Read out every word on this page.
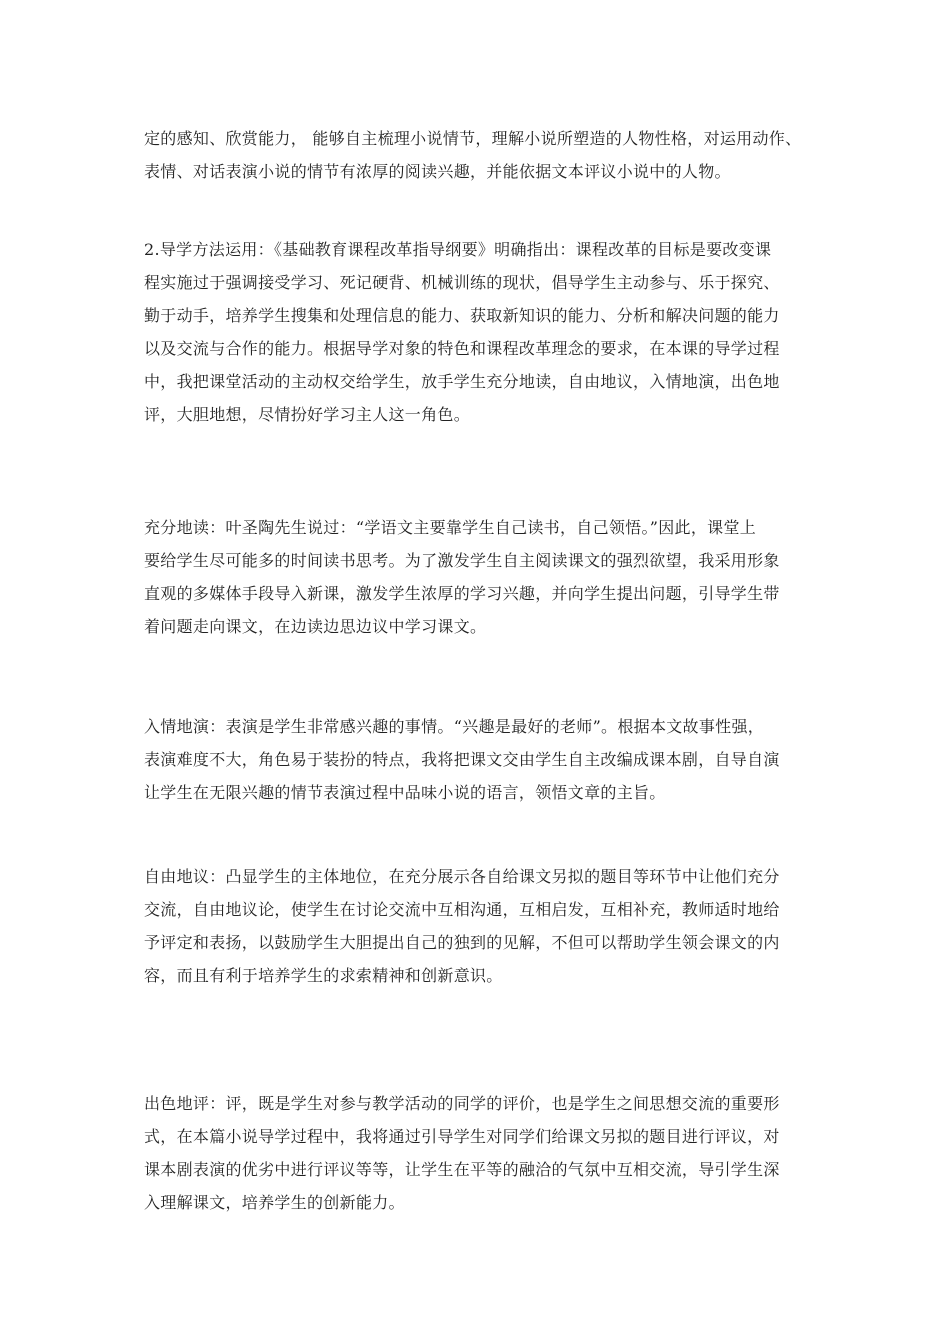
定的感知、欣赏能力， 能够自主梳理小说情节，理解小说所塑造的人物性格，对运用动作、
表情、对话表演小说的情节有浓厚的阅读兴趣，并能依据文本评议小说中的人物。
2.导学方法运用：《基础教育课程改革指导纲要》明确指出：课程改革的目标是要改变课
程实施过于强调接受学习、死记硬背、机械训练的现状，倡导学生主动参与、乐于探究、
勤于动手，培养学生搜集和处理信息的能力、获取新知识的能力、分析和解决问题的能力
以及交流与合作的能力。根据导学对象的特色和课程改革理念的要求，在本课的导学过程
中，我把课堂活动的主动权交给学生，放手学生充分地读，自由地议，入情地演，出色地
评，大胆地想，尽情扮好学习主人这一角色。
充分地读：叶圣陶先生说过：“学语文主要靠学生自己读书，自己领悟。”因此，课堂上
要给学生尽可能多的时间读书思考。为了激发学生自主阅读课文的强烈欲望，我采用形象
直观的多媒体手段导入新课，激发学生浓厚的学习兴趣，并向学生提出问题，引导学生带
着问题走向课文，在边读边思边议中学习课文。
入情地演：表演是学生非常感兴趣的事情。“兴趣是最好的老师”。根据本文故事性强，
表演难度不大，角色易于装扮的特点，我将把课文交由学生自主改编成课本剧，自导自演
让学生在无限兴趣的情节表演过程中品味小说的语言，领悟文章的主旨。
自由地议：凸显学生的主体地位，在充分展示各自给课文另拟的题目等环节中让他们充分
交流，自由地议论，使学生在讨论交流中互相沟通，互相启发，互相补充，教师适时地给
予评定和表扬，以鼓励学生大胆提出自己的独到的见解，不但可以帮助学生领会课文的内
容，而且有利于培养学生的求索精神和创新意识。
出色地评：评，既是学生对参与教学活动的同学的评价，也是学生之间思想交流的重要形
式，在本篇小说导学过程中，我将通过引导学生对同学们给课文另拟的题目进行评议，对
课本剧表演的优劣中进行评议等等，让学生在平等的融洽的气氛中互相交流，导引学生深
入理解课文，培养学生的创新能力。
